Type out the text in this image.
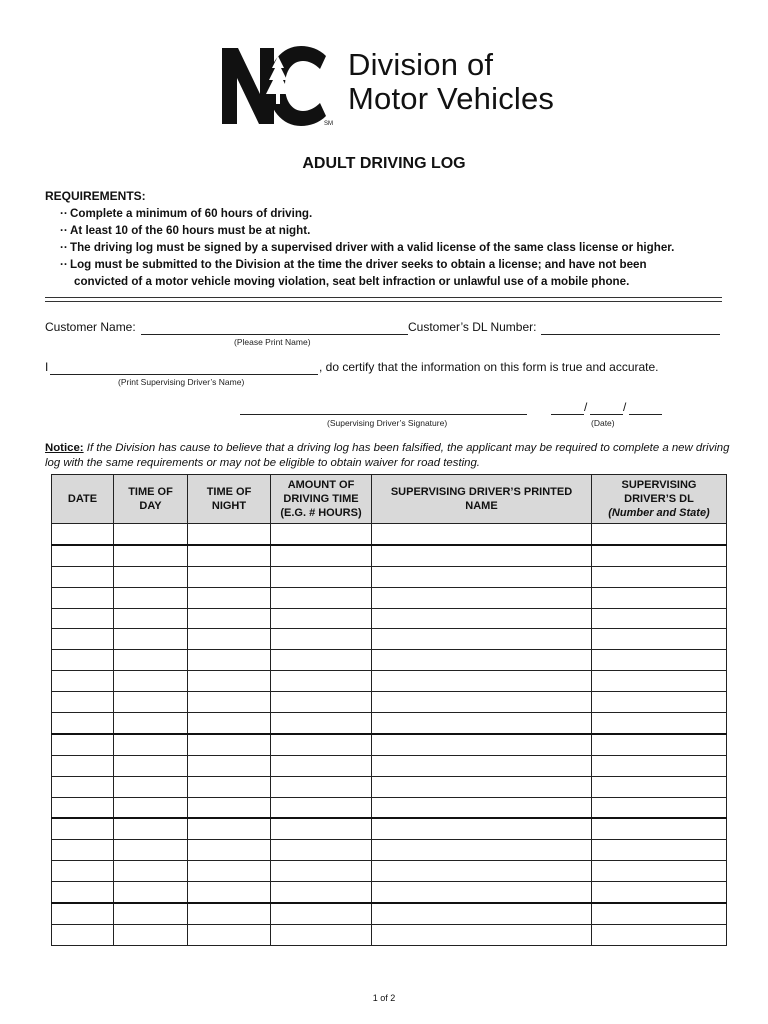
SM
Division of
Motor Vehicles
ADULT DRIVING LOG
REQUIREMENTS:
·· Complete a minimum of 60 hours of driving.
·· At least 10 of the 60 hours must be at night.
·· The driving log must be signed by a supervised driver with a valid license of the same class license or higher.
·· Log must be submitted to the Division at the time the driver seeks to obtain a license; and have not been
convicted of a motor vehicle moving violation, seat belt infraction or unlawful use of a mobile phone.
Customer Name:
(Please Print Name)
Customer’s DL Number:
I	, do certify that the information on this form is true and accurate.
(Print Supervising Driver’s Name)
(Supervising Driver’s Signature)
/	/
(Date)
Notice: If the Division has cause to believe that a driving log has been falsified, the applicant may be required to complete a new driving log with the same requirements or may not be eligible to obtain waiver for road testing.
DATE	TIME OF DAY	TIME OF NIGHT	AMOUNT OF DRIVING TIME (E.G. # HOURS)	SUPERVISING DRIVER’S PRINTED NAME	SUPERVISING DRIVER’S DL
(Number and State)

1 of 2
